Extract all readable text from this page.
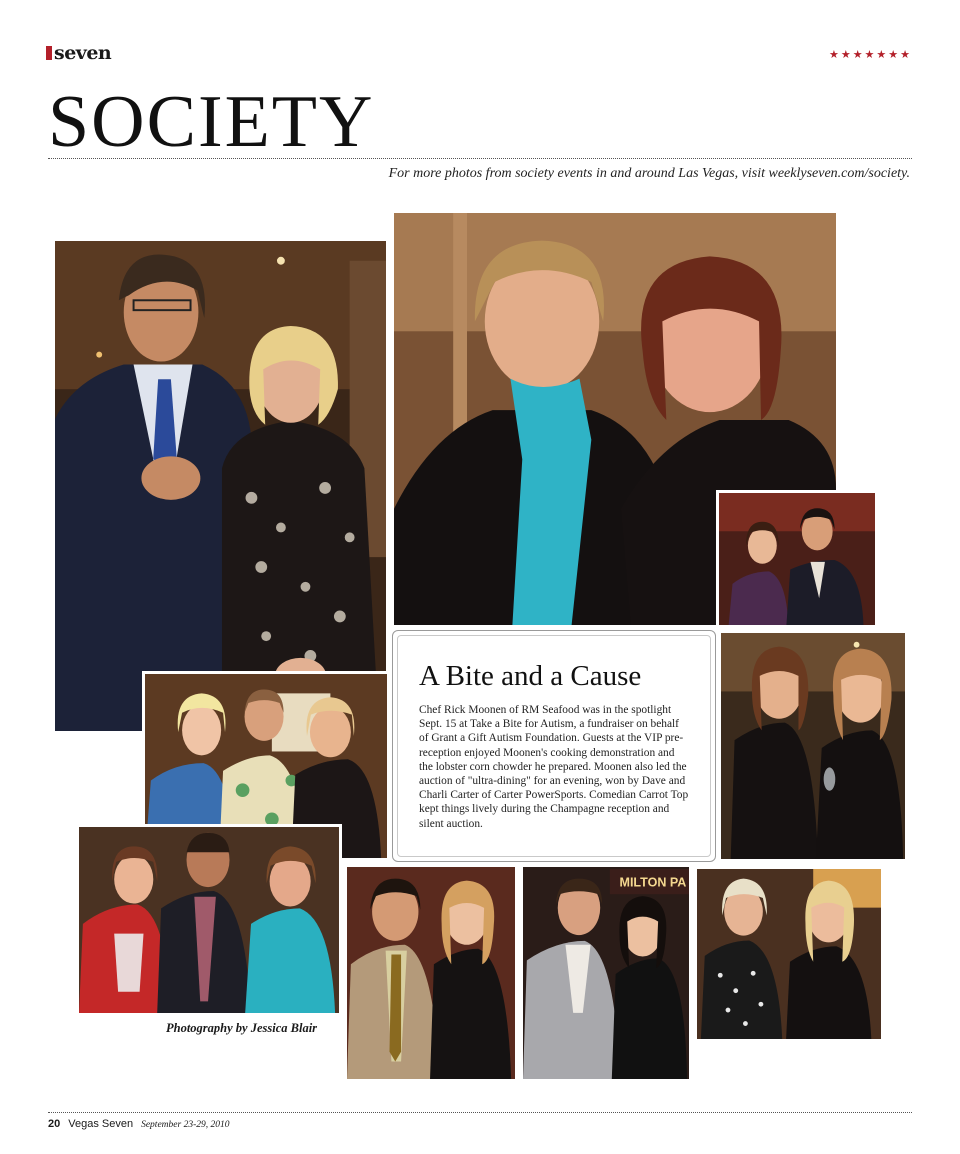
seven	★★★★★★★
SOCIETY
For more photos from society events in and around Las Vegas, visit weeklyseven.com/society.
A Bite and a Cause

Chef Rick Moonen of RM Seafood was in the spotlight Sept. 15 at Take a Bite for Autism, a fundraiser on behalf of Grant a Gift Autism Foundation. Guests at the VIP pre-reception enjoyed Moonen's cooking demonstration and the lobster corn chowder he prepared. Moonen also led the auction of "ultra-dining" for an evening, won by Dave and Charli Carter of Carter PowerSports. Comedian Carrot Top kept things lively during the Champagne reception and silent auction.

MILTON PA
Photography by Jessica Blair
20 Vegas Seven September 23-29, 2010
